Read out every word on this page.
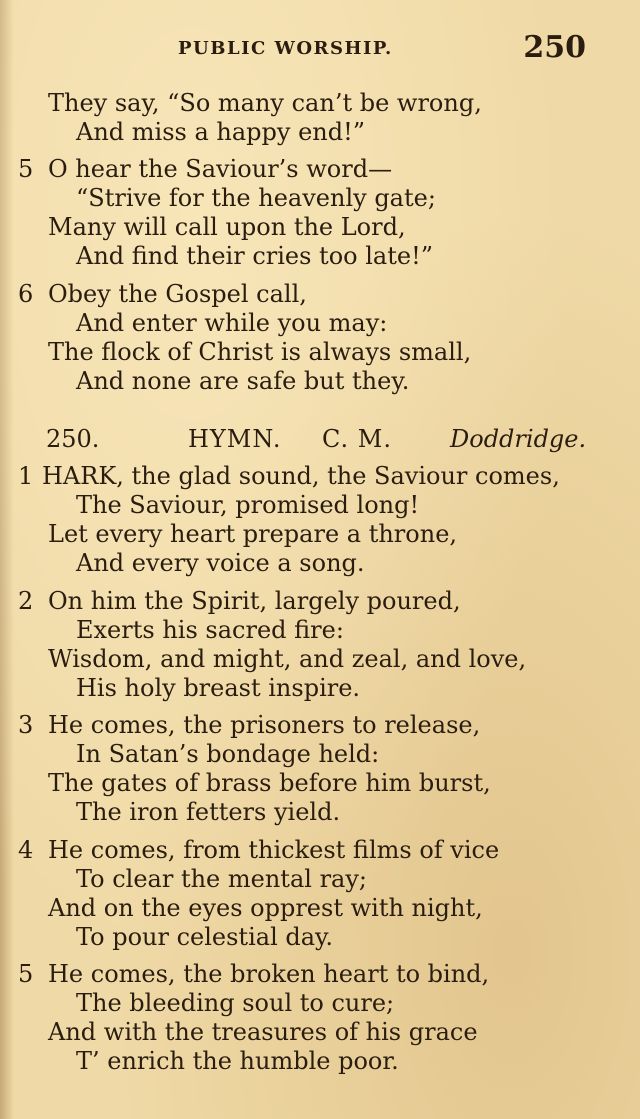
PUBLIC WORSHIP.	250
They say, “So many can’t be wrong,
And miss a happy end!”
5 O hear the Saviour’s word—
“Strive for the heavenly gate;
Many will call upon the Lord,
And find their cries too late!”
6 Obey the Gospel call,
And enter while you may:
The flock of Christ is always small,
And none are safe but they.
250.	HYMN. C. M. Doddridge.
1 HARK, the glad sound, the Saviour comes,
The Saviour, promised long!
Let every heart prepare a throne,
And every voice a song.
2 On him the Spirit, largely poured,
Exerts his sacred fire:
Wisdom, and might, and zeal, and love,
His holy breast inspire.
3 He comes, the prisoners to release,
In Satan’s bondage held:
The gates of brass before him burst,
The iron fetters yield.
4 He comes, from thickest films of vice
To clear the mental ray;
And on the eyes opprest with night,
To pour celestial day.
5 He comes, the broken heart to bind,
The bleeding soul to cure;
And with the treasures of his grace
T’ enrich the humble poor.
